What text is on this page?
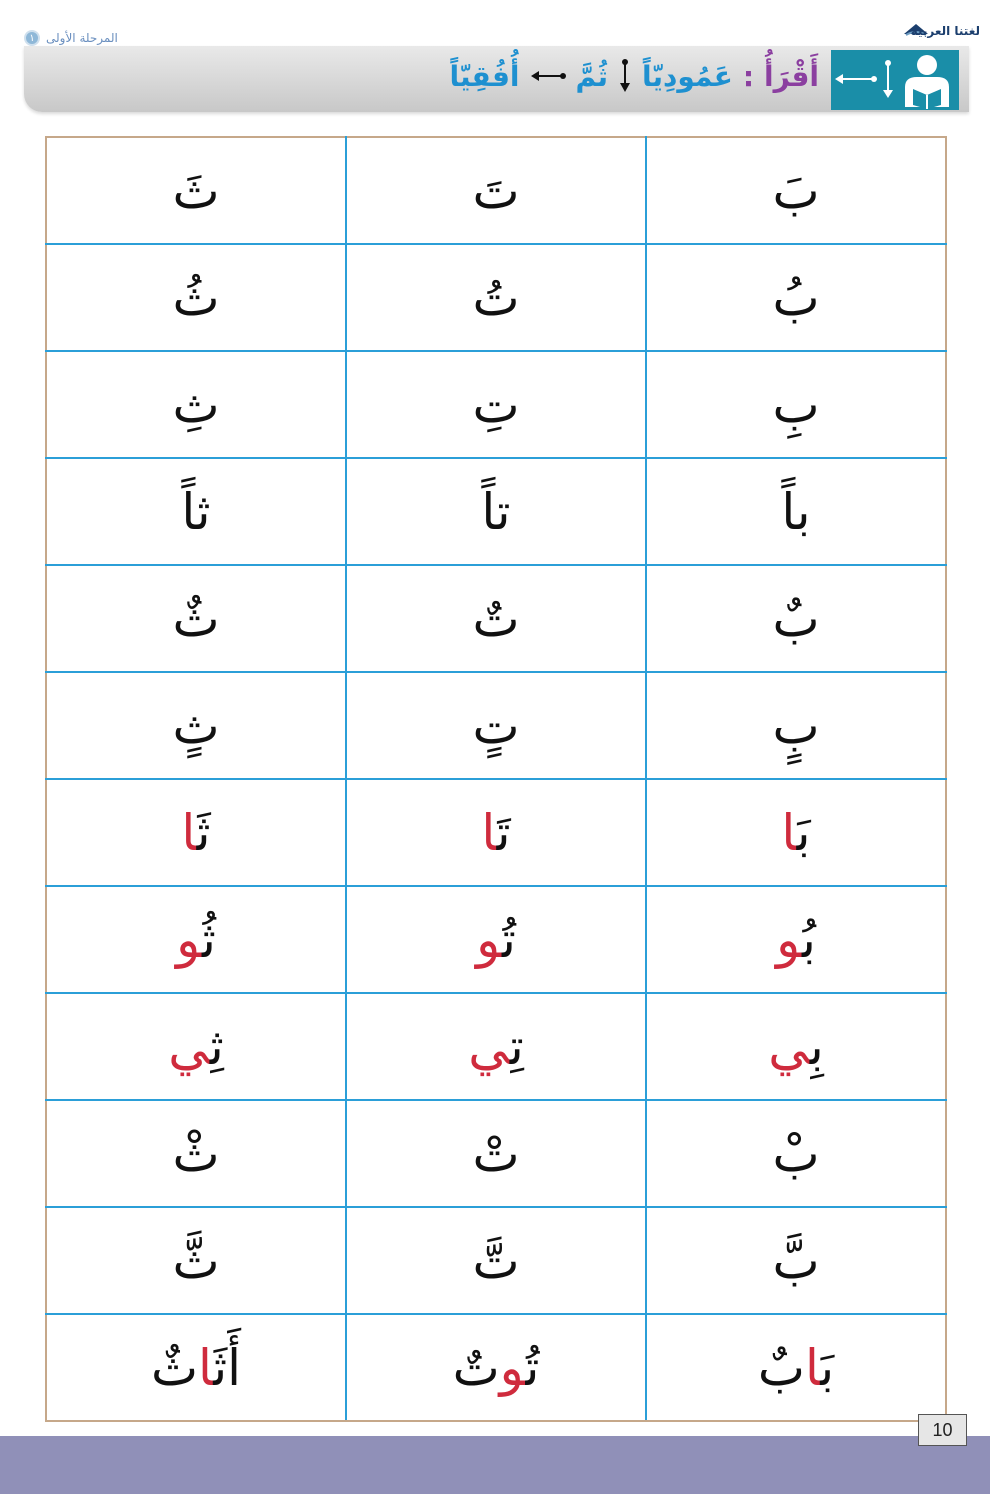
المرحلة الأولى
١	لغتنا العربية
أَقْرَأُ
:
عَمُودِيّاً
ثُمَّ
أُفُقِيّاً
ثَ	تَ	بَ
ثُ	تُ	بُ
ثِ	تِ	بِ
ثاً	تاً	باً
ث	ت	ب
ثٍ	تٍ	بٍ
ثَا	تَا	بَا
ثُو	تُو	بُو
ثِي	تِي	بِي
ثْ	تْ	بْ
ثَّ	تَّ	بَّ
أَثَاثٌ	تُوتٌ	بَابٌ
10
